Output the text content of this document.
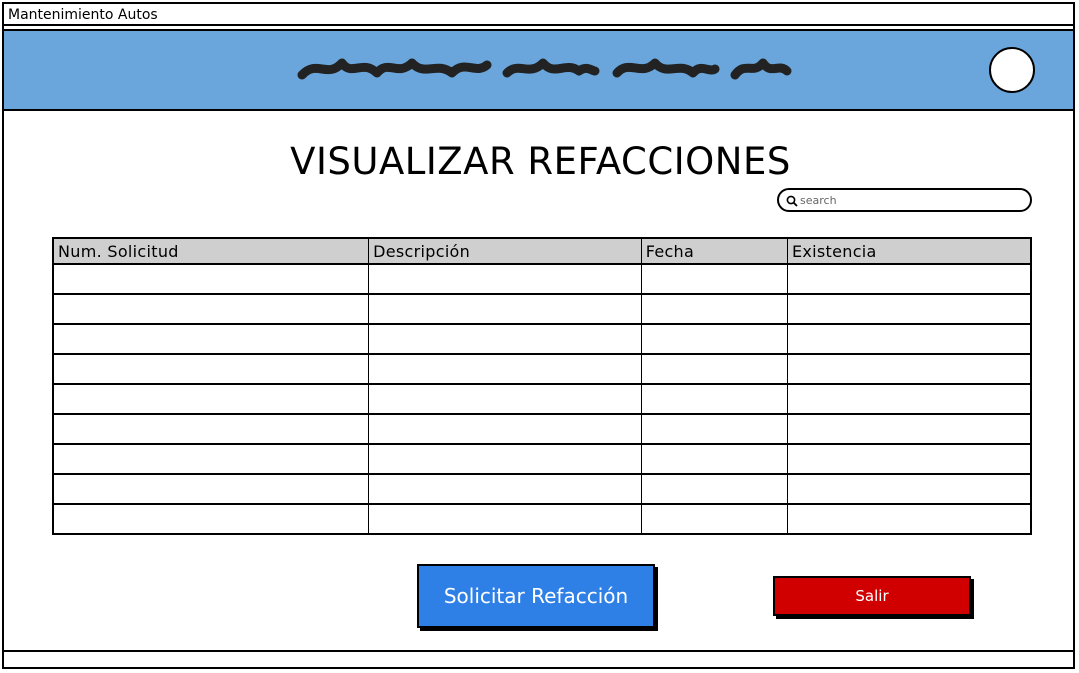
Mantenimiento Autos
VISUALIZAR REFACCIONES
search
Num. Solicitud	Descripción	Fecha	Existencia

Solicitar Refacción	Salir
